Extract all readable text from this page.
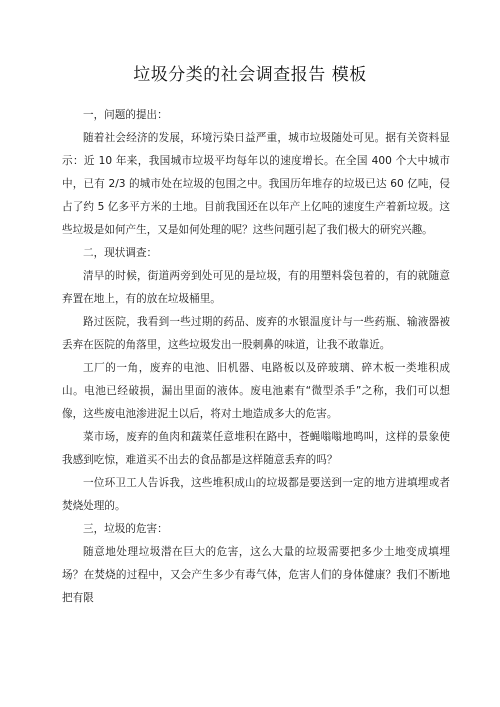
垃圾分类的社会调查报告 模板

一，问题的提出：

随着社会经济的发展，环境污染日益严重，城市垃圾随处可见。据有关资料显示：近 10 年来，我国城市垃圾平均每年以的速度增长。在全国 400 个大中城市中，已有 2/3 的城市处在垃圾的包围之中。我国历年堆存的垃圾已达 60 亿吨，侵占了约 5 亿多平方米的土地。目前我国还在以年产上亿吨的速度生产着新垃圾。这些垃圾是如何产生，又是如何处理的呢？这些问题引起了我们极大的研究兴趣。

二，现状调查：

清早的时候，街道两旁到处可见的是垃圾，有的用塑料袋包着的，有的就随意弃置在地上，有的放在垃圾桶里。

路过医院，我看到一些过期的药品、废弃的水银温度计与一些药瓶、输液器被丢弃在医院的角落里，这些垃圾发出一股刺鼻的味道，让我不敢靠近。

工厂的一角，废弃的电池、旧机器、电路板以及碎玻璃、碎木板一类堆积成山。电池已经破损，漏出里面的液体。废电池素有“微型杀手”之称，我们可以想像，这些废电池渗进泥土以后，将对土地造成多大的危害。

菜市场，废弃的鱼肉和蔬菜任意堆积在路中，苍蝇嗡嗡地鸣叫，这样的景象使我感到吃惊，难道买不出去的食品都是这样随意丢弃的吗？

一位环卫工人告诉我，这些堆积成山的垃圾都是要送到一定的地方进填埋或者焚烧处理的。

三，垃圾的危害：

随意地处理垃圾潜在巨大的危害，这么大量的垃圾需要把多少土地变成填埋场？在焚烧的过程中，又会产生多少有毒气体，危害人们的身体健康？我们不断地把有限
